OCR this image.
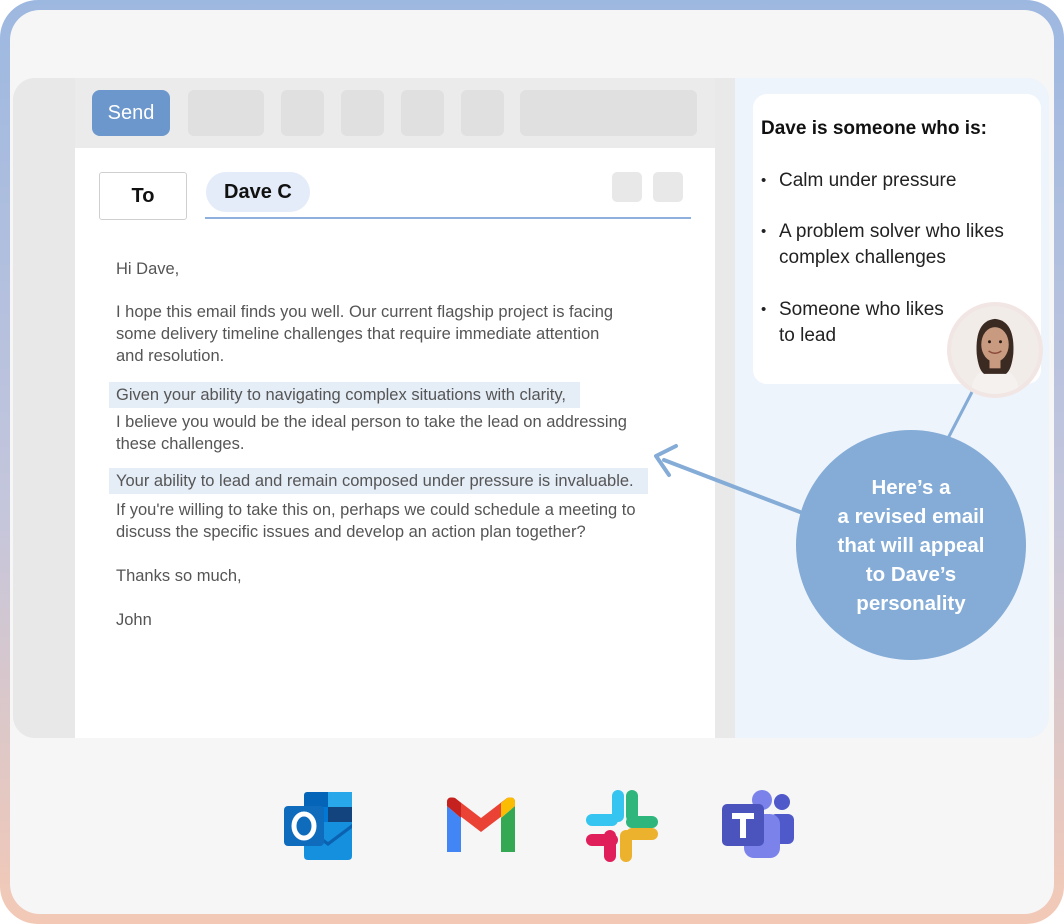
Send
To	Dave C

Hi Dave,

I hope this email finds you well. Our current flagship project is facing

some delivery timeline challenges that require immediate attention

and resolution.

Given your ability to navigating complex situations with clarity,

I believe you would be the ideal person to take the lead on addressing

these challenges.

Your ability to lead and remain composed under pressure is invaluable.

If you're willing to take this on, perhaps we could schedule a meeting to

discuss the specific issues and develop an action plan together?

Thanks so much,

John

Dave is someone who is:
• Calm under pressure
• A problem solver who likes
complex challenges
• Someone who likes
to lead
Here’s a
a revised email
that will appeal
to Dave’s
personality
